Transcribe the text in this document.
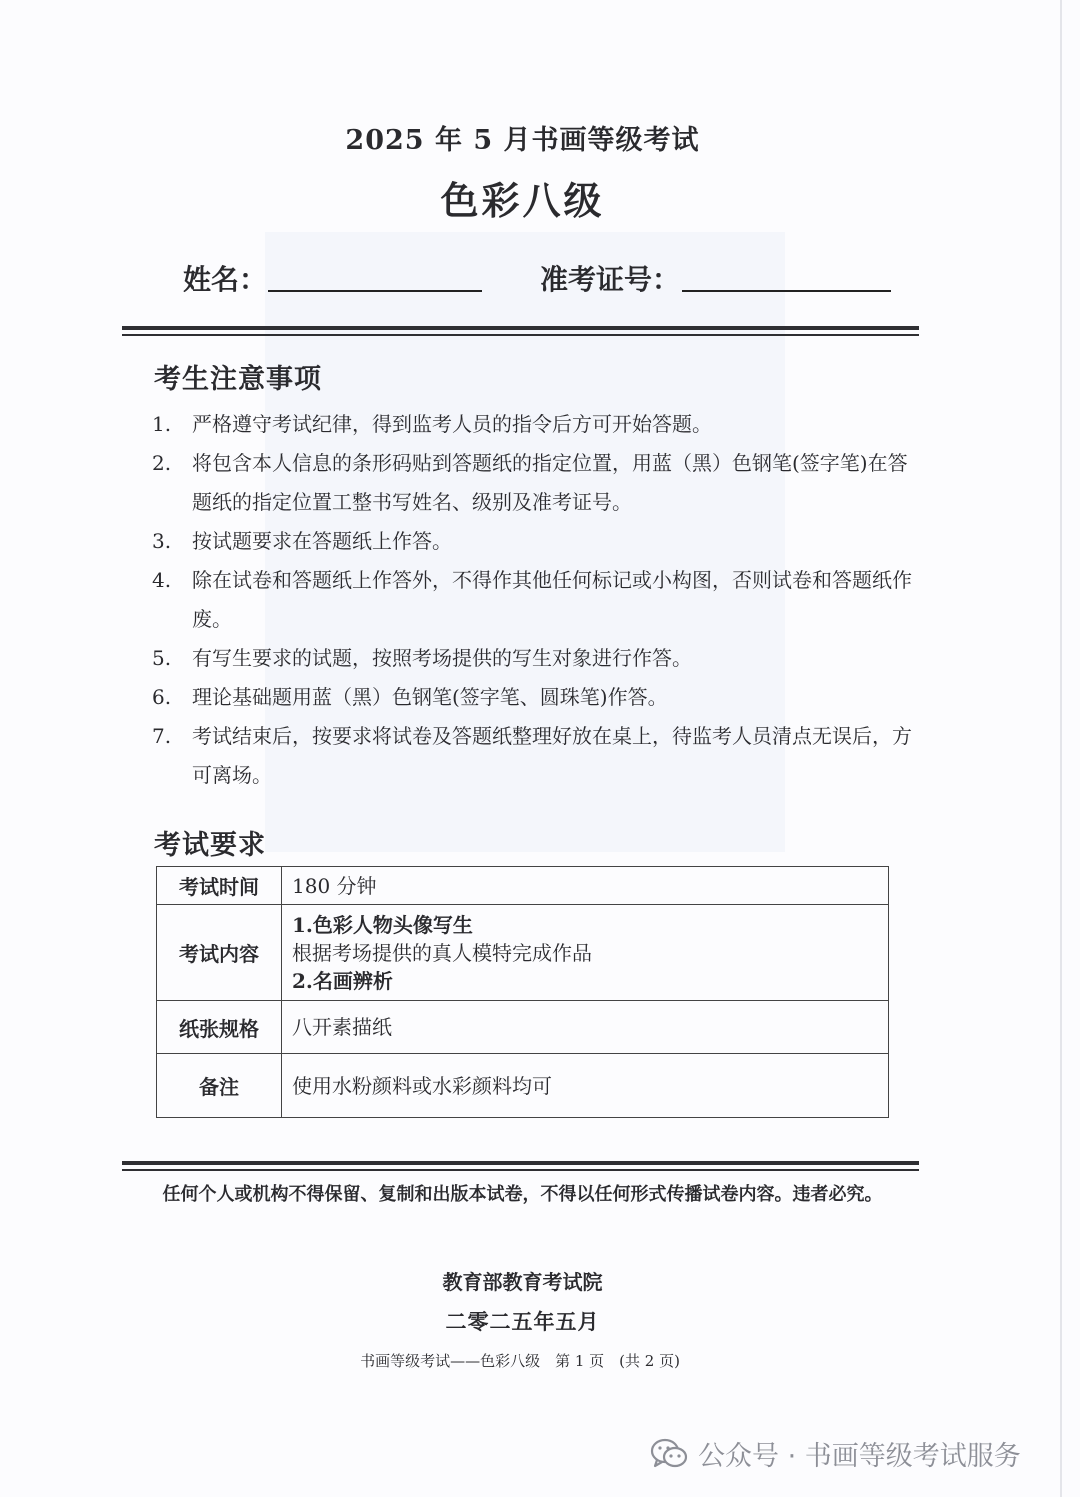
2025 年 5 月书画等级考试
色彩八级
姓名：	准考证号：
考生注意事项
1.	严格遵守考试纪律，得到监考人员的指令后方可开始答题。
2.	将包含本人信息的条形码贴到答题纸的指定位置，用蓝（黑）色钢笔(签字笔)在答题纸的指定位置工整书写姓名、级别及准考证号。
3.	按试题要求在答题纸上作答。
4.	除在试卷和答题纸上作答外，不得作其他任何标记或小构图，否则试卷和答题纸作废。
5.	有写生要求的试题，按照考场提供的写生对象进行作答。
6.	理论基础题用蓝（黑）色钢笔(签字笔、圆珠笔)作答。
7.	考试结束后，按要求将试卷及答题纸整理好放在桌上，待监考人员清点无误后，方可离场。
考试要求
考试时间	180 分钟
考试内容	1.色彩人物头像写生
根据考场提供的真人模特完成作品
2.名画辨析

纸张规格	八开素描纸
备注	使用水粉颜料或水彩颜料均可
任何个人或机构不得保留、复制和出版本试卷，不得以任何形式传播试卷内容。违者必究。
教育部教育考试院
二零二五年五月
书画等级考试——色彩八级　第 1 页　(共 2 页)
公众号 · 书画等级考试服务
